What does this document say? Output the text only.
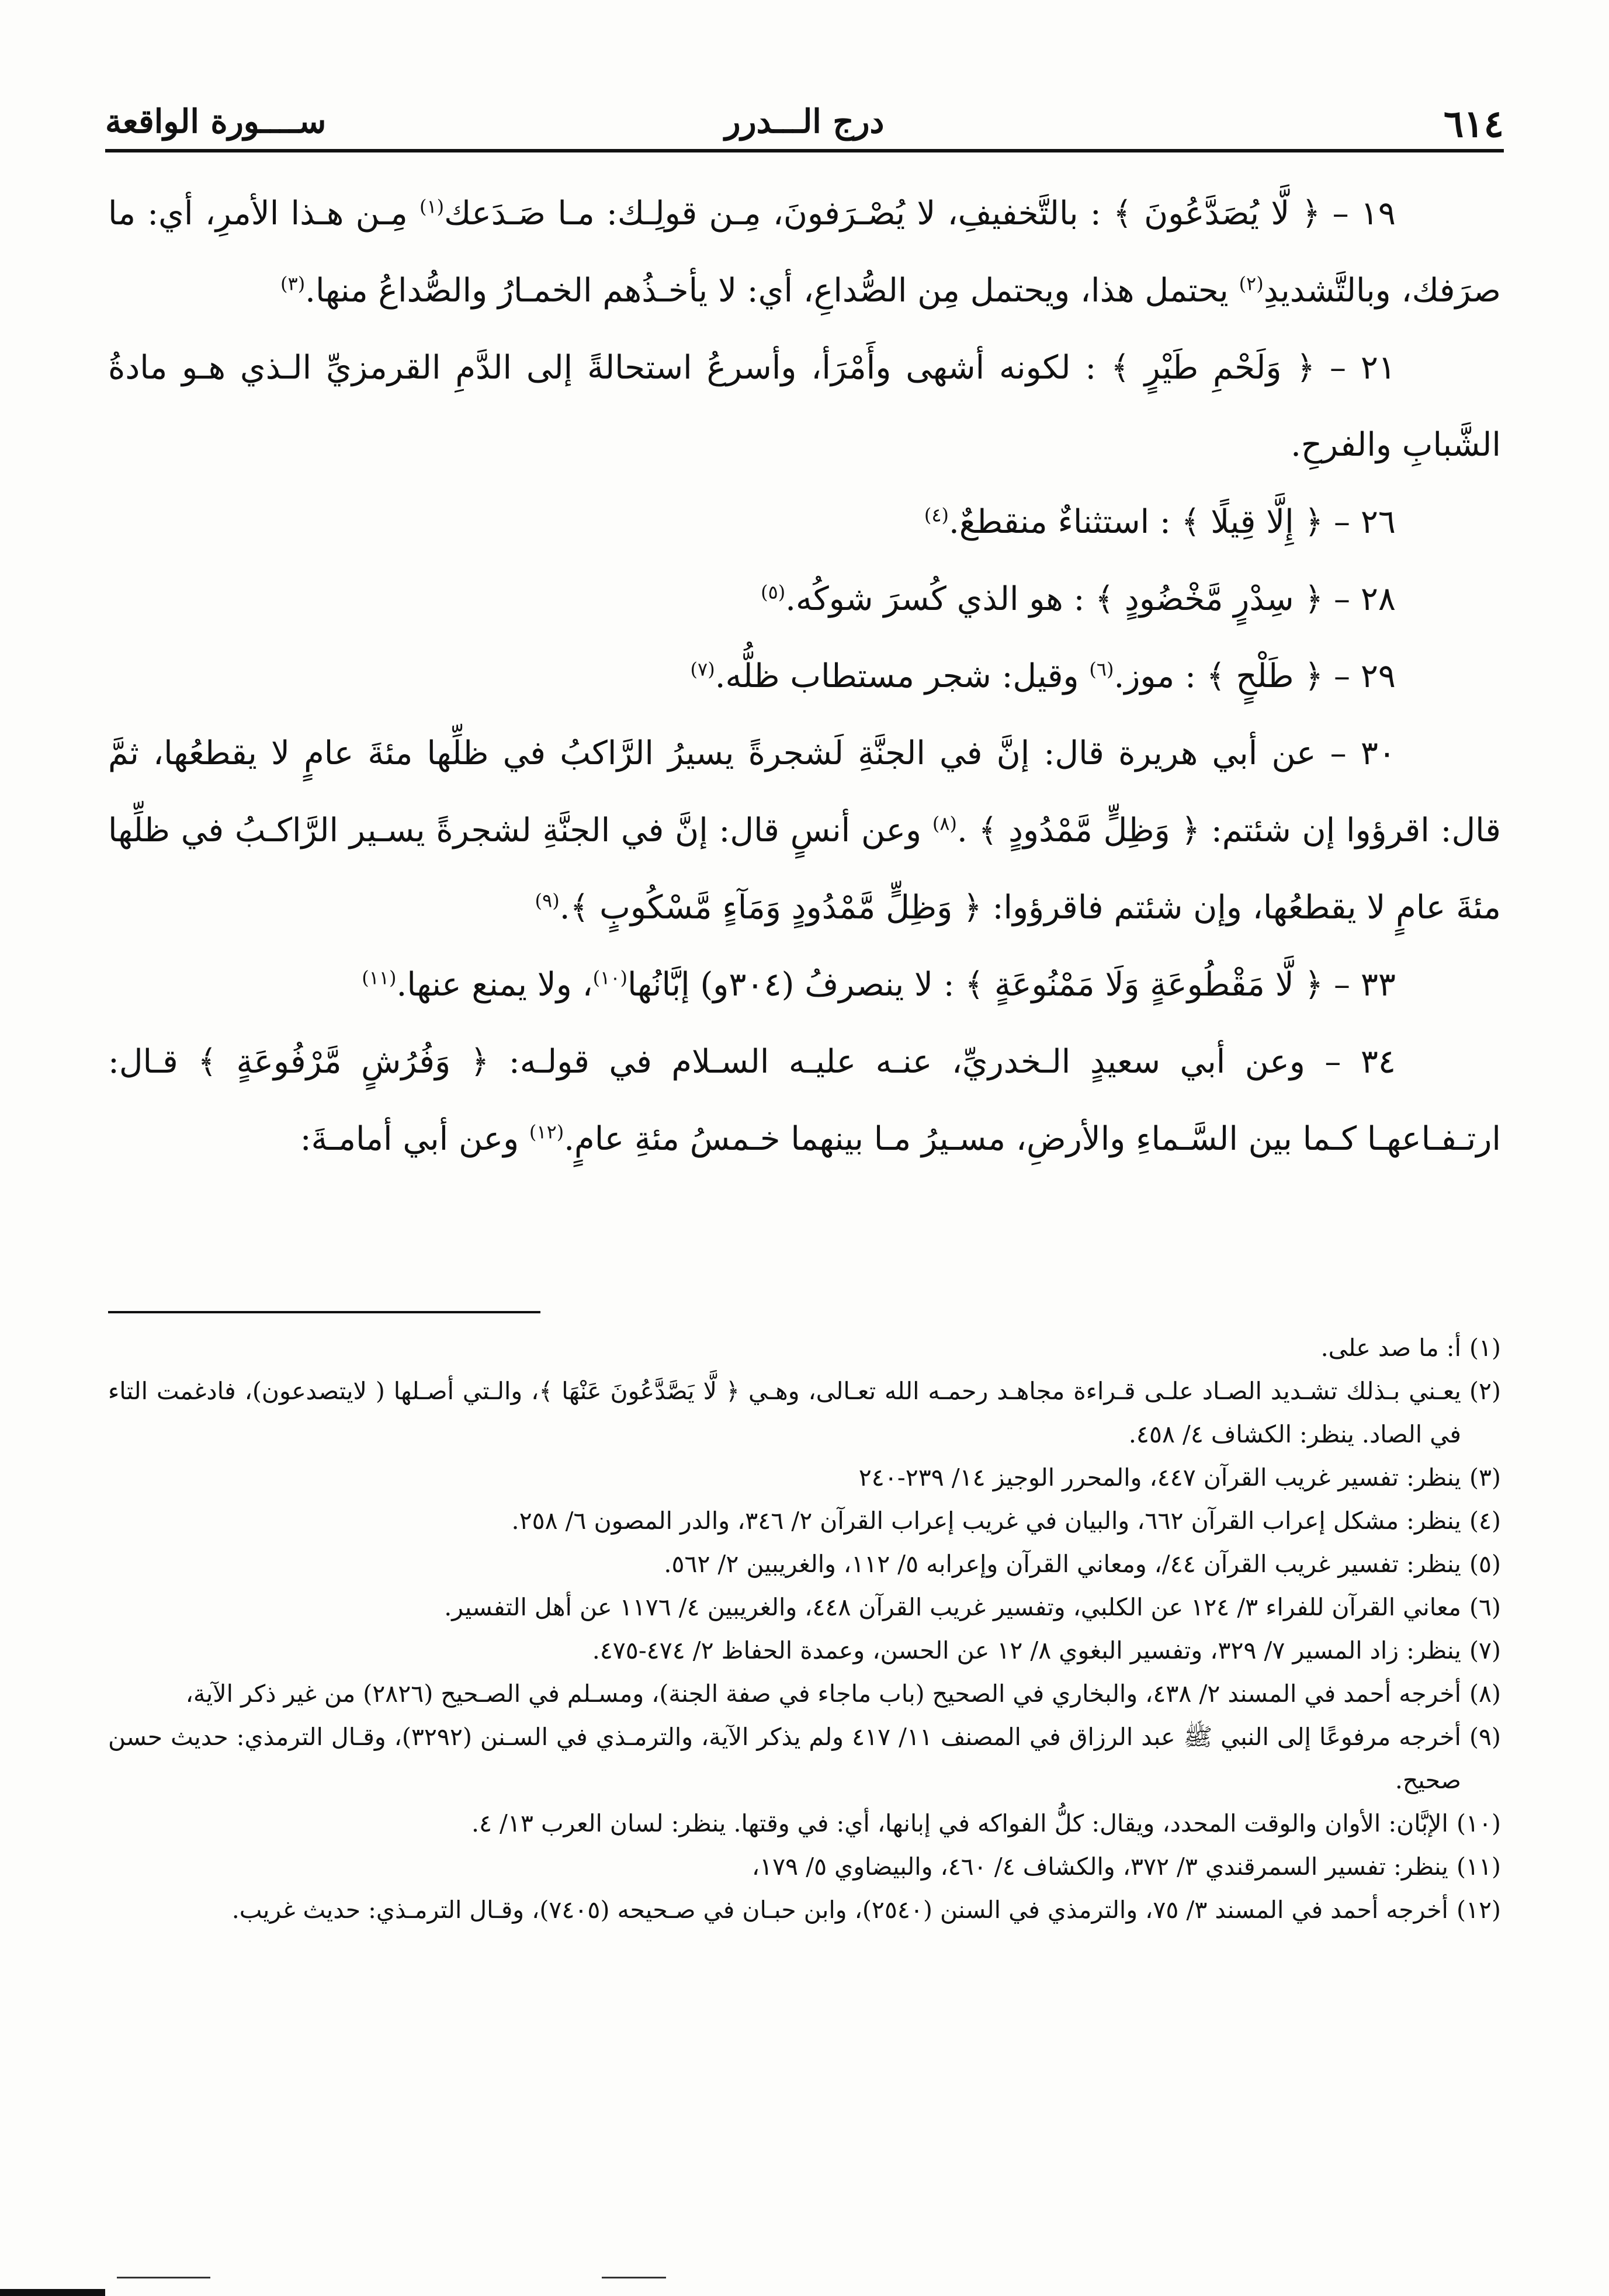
٦١٤
درج الـــدرر
ســــورة الواقعة

١٩ – ﴿ لَّا يُصَدَّعُونَ ﴾ : بالتَّخفيفِ، لا يُصْـرَفونَ، مِـن قولِـك: مـا صَـدَعك$^{(١)}$ مِـن هـذا الأمرِ، أي: ما صرَفك، وبالتَّشديدِ$^{(٢)}$ يحتمل هذا، ويحتمل مِن الصُّداعِ، أي: لا يأخـذُهم الخمـارُ والصُّداعُ منها.$^{(٣)}$

٢١ – ﴿ وَلَحْمِ طَيْرٍ ﴾ : لكونه أشهى وأَمْرَأ، وأسرعُ استحالةً إلى الدَّمِ القرمزيِّ الـذي هـو مادةُ الشَّبابِ والفرحِ.

٢٦ – ﴿ إِلَّا قِيلًا ﴾ : استثناءٌ منقطعٌ.$^{(٤)}$

٢٨ – ﴿ سِدْرٍ مَّخْضُودٍ ﴾ : هو الذي كُسرَ شوكُه.$^{(٥)}$

٢٩ – ﴿ طَلْحٍ ﴾ : موز.$^{(٦)}$ وقيل: شجر مستطاب ظلُّه.$^{(٧)}$

٣٠ – عن أبي هريرة قال: إنَّ في الجنَّةِ لَشجرةً يسيرُ الرَّاكبُ في ظلِّها مئةَ عامٍ لا يقطعُها، ثمَّ قال: اقرؤوا إن شئتم: ﴿ وَظِلٍّ مَّمْدُودٍ ﴾ .$^{(٨)}$ وعن أنسٍ قال: إنَّ في الجنَّةِ لشجرةً يسـير الرَّاكـبُ في ظلِّها مئةَ عامٍ لا يقطعُها، وإن شئتم فاقرؤوا: ﴿ وَظِلٍّ مَّمْدُودٍ وَمَآءٍ مَّسْكُوبٍ ﴾.$^{(٩)}$

٣٣ – ﴿ لَّا مَقْطُوعَةٍ وَلَا مَمْنُوعَةٍ ﴾ : لا ينصرفُ (٣٠٤و) إبَّانُها$^{(١٠)}$، ولا يمنع عنها.$^{(١١)}$

٣٤ – وعن أبي سعيدٍ الـخدريِّ، عنـه عليـه السـلام في قولـه: ﴿ وَفُرُشٍ مَّرْفُوعَةٍ ﴾ قـال: ارتـفـاعهـا كـما بين السَّـماءِ والأرضِ، مسـيرُ مـا بينهما خـمسُ مئةِ عامٍ.$^{(١٢)}$ وعن أبي أمامـةَ:

(١)
أ: ما صد على.
(٢)
يعـني بـذلك تشـديد الصـاد علـى قـراءة مجاهـد رحمـه الله تعـالى، وهـي ﴿ لَّا يَصَّدَّعُونَ عَنْهَا ﴾، والـتي أصـلها ( لايتصدعون)، فادغمت التاء في الصاد. ينظر: الكشاف ٤/ ٤٥٨.
(٣)
ينظر: تفسير غريب القرآن ٤٤٧، والمحرر الوجيز ١٤/ ٢٣٩-٢٤٠
(٤)
ينظر: مشكل إعراب القرآن ٦٦٢، والبيان في غريب إعراب القرآن ٢/ ٣٤٦، والدر المصون ٦/ ٢٥٨.
(٥)
ينظر: تفسير غريب القرآن ٤٤/، ومعاني القرآن وإعرابه ٥/ ١١٢، والغريبين ٢/ ٥٦٢.
(٦)
معاني القرآن للفراء ٣/ ١٢٤ عن الكلبي، وتفسير غريب القرآن ٤٤٨، والغريبين ٤/ ١١٧٦ عن أهل التفسير.
(٧)
ينظر: زاد المسير ٧/ ٣٢٩، وتفسير البغوي ٨/ ١٢ عن الحسن، وعمدة الحفاظ ٢/ ٤٧٤-٤٧٥.
(٨)
أخرجه أحمد في المسند ٢/ ٤٣٨، والبخاري في الصحيح (باب ماجاء في صفة الجنة)، ومسـلم في الصـحيح (٢٨٢٦) من غير ذكر الآية،
(٩)
أخرجه مرفوعًا إلى النبي ﷺ عبد الرزاق في المصنف ١١/ ٤١٧ ولم يذكر الآية، والترمـذي في السـنن (٣٢٩٢)، وقـال الترمذي: حديث حسن صحيح.
(١٠)
الإبَّان: الأوان والوقت المحدد، ويقال: كلُّ الفواكه في إبانها، أي: في وقتها. ينظر: لسان العرب ١٣/ ٤.
(١١)
ينظر: تفسير السمرقندي ٣/ ٣٧٢، والكشاف ٤/ ٤٦٠، والبيضاوي ٥/ ١٧٩،
(١٢)
أخرجه أحمد في المسند ٣/ ٧٥، والترمذي في السنن (٢٥٤٠)، وابن حبـان في صـحيحه (٧٤٠٥)، وقـال الترمـذي: حديث غريب.
